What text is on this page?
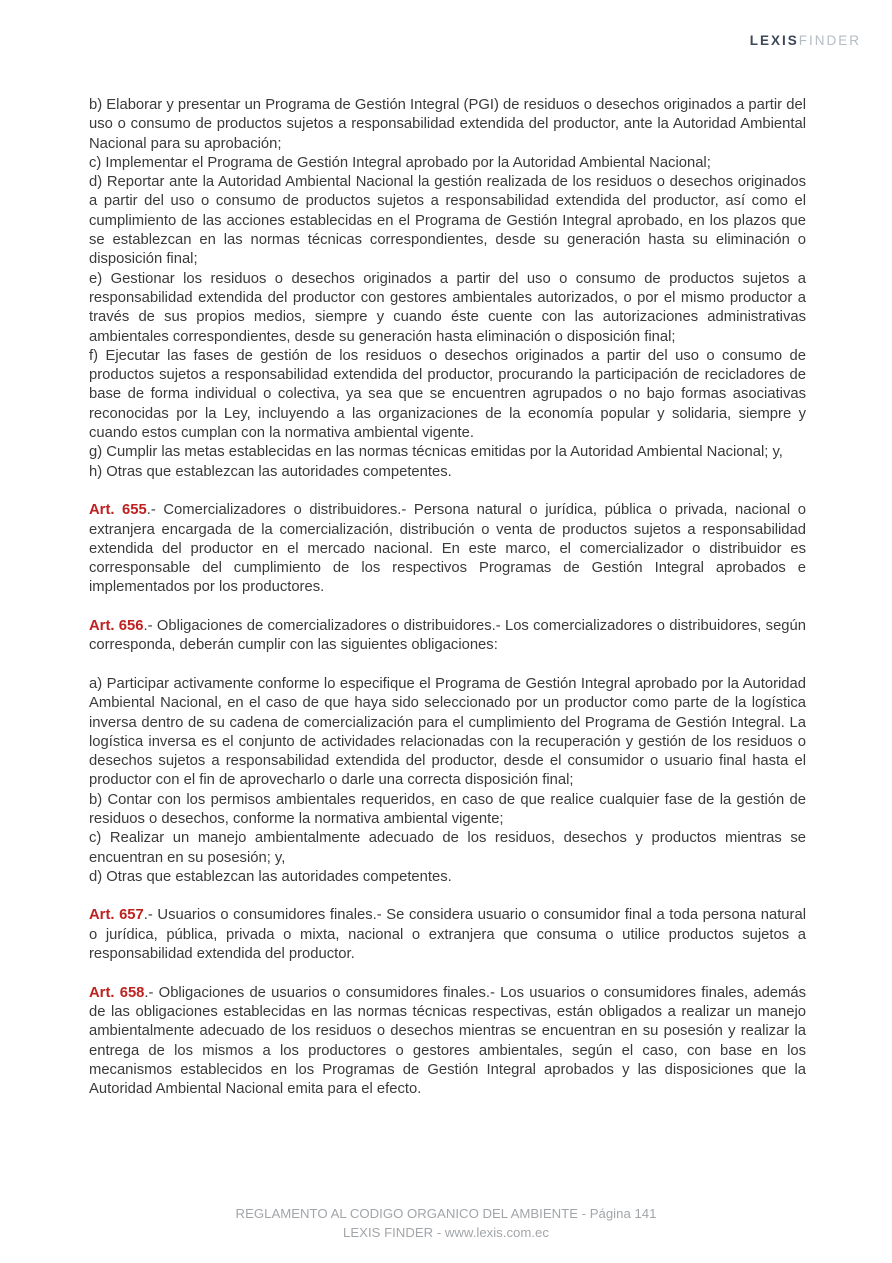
LEXISFINDER

b) Elaborar y presentar un Programa de Gestión Integral (PGI) de residuos o desechos originados a partir del uso o consumo de productos sujetos a responsabilidad extendida del productor, ante la Autoridad Ambiental Nacional para su aprobación;

c) Implementar el Programa de Gestión Integral aprobado por la Autoridad Ambiental Nacional;

d) Reportar ante la Autoridad Ambiental Nacional la gestión realizada de los residuos o desechos originados a partir del uso o consumo de productos sujetos a responsabilidad extendida del productor, así como el cumplimiento de las acciones establecidas en el Programa de Gestión Integral aprobado, en los plazos que se establezcan en las normas técnicas correspondientes, desde su generación hasta su eliminación o disposición final;

e) Gestionar los residuos o desechos originados a partir del uso o consumo de productos sujetos a responsabilidad extendida del productor con gestores ambientales autorizados, o por el mismo productor a través de sus propios medios, siempre y cuando éste cuente con las autorizaciones administrativas ambientales correspondientes, desde su generación hasta eliminación o disposición final;

f) Ejecutar las fases de gestión de los residuos o desechos originados a partir del uso o consumo de productos sujetos a responsabilidad extendida del productor, procurando la participación de recicladores de base de forma individual o colectiva, ya sea que se encuentren agrupados o no bajo formas asociativas reconocidas por la Ley, incluyendo a las organizaciones de la economía popular y solidaria, siempre y cuando estos cumplan con la normativa ambiental vigente.

g) Cumplir las metas establecidas en las normas técnicas emitidas por la Autoridad Ambiental Nacional; y,

h) Otras que establezcan las autoridades competentes.

Art. 655.- Comercializadores o distribuidores.- Persona natural o jurídica, pública o privada, nacional o extranjera encargada de la comercialización, distribución o venta de productos sujetos a responsabilidad extendida del productor en el mercado nacional. En este marco, el comercializador o distribuidor es corresponsable del cumplimiento de los respectivos Programas de Gestión Integral aprobados e implementados por los productores.

Art. 656.- Obligaciones de comercializadores o distribuidores.- Los comercializadores o distribuidores, según corresponda, deberán cumplir con las siguientes obligaciones:

a) Participar activamente conforme lo especifique el Programa de Gestión Integral aprobado por la Autoridad Ambiental Nacional, en el caso de que haya sido seleccionado por un productor como parte de la logística inversa dentro de su cadena de comercialización para el cumplimiento del Programa de Gestión Integral. La logística inversa es el conjunto de actividades relacionadas con la recuperación y gestión de los residuos o desechos sujetos a responsabilidad extendida del productor, desde el consumidor o usuario final hasta el productor con el fin de aprovecharlo o darle una correcta disposición final;

b) Contar con los permisos ambientales requeridos, en caso de que realice cualquier fase de la gestión de residuos o desechos, conforme la normativa ambiental vigente;

c) Realizar un manejo ambientalmente adecuado de los residuos, desechos y productos mientras se encuentran en su posesión; y,

d) Otras que establezcan las autoridades competentes.

Art. 657.- Usuarios o consumidores finales.- Se considera usuario o consumidor final a toda persona natural o jurídica, pública, privada o mixta, nacional o extranjera que consuma o utilice productos sujetos a responsabilidad extendida del productor.

Art. 658.- Obligaciones de usuarios o consumidores finales.- Los usuarios o consumidores finales, además de las obligaciones establecidas en las normas técnicas respectivas, están obligados a realizar un manejo ambientalmente adecuado de los residuos o desechos mientras se encuentran en su posesión y realizar la entrega de los mismos a los productores o gestores ambientales, según el caso, con base en los mecanismos establecidos en los Programas de Gestión Integral aprobados y las disposiciones que la Autoridad Ambiental Nacional emita para el efecto.

REGLAMENTO AL CODIGO ORGANICO DEL AMBIENTE - Página 141
LEXIS FINDER - www.lexis.com.ec
